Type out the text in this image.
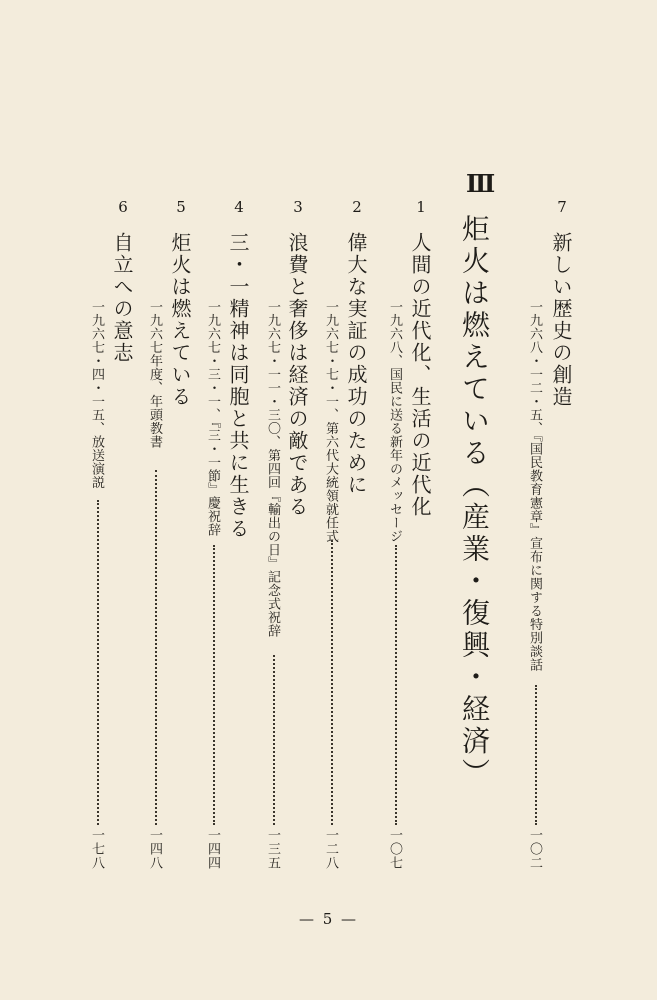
7
新しい歴史の創造
一九六八・一二・五、『国民教育憲章』宣布に関する特別談話
一〇二
Ⅲ
炬火は燃えている（産業・復興・経済）
1
人間の近代化、生活の近代化
一九六八、国民に送る新年のメッセージ
一〇七
2
偉大な実証の成功のために
一九六七・七・一、第六代大統領就任式
一二八
3
浪費と奢侈は経済の敵である
一九六七・一一・三〇、第四回『輸出の日』記念式祝辞
一三五
4
三・一精神は同胞と共に生きる
一九六七・三・一、『三・一節』慶祝辞
一四四
5
炬火は燃えている
一九六七年度、年頭教書
一四八
6
自立への意志
一九六七・四・一五、放送演説
一七八
— 5 —
